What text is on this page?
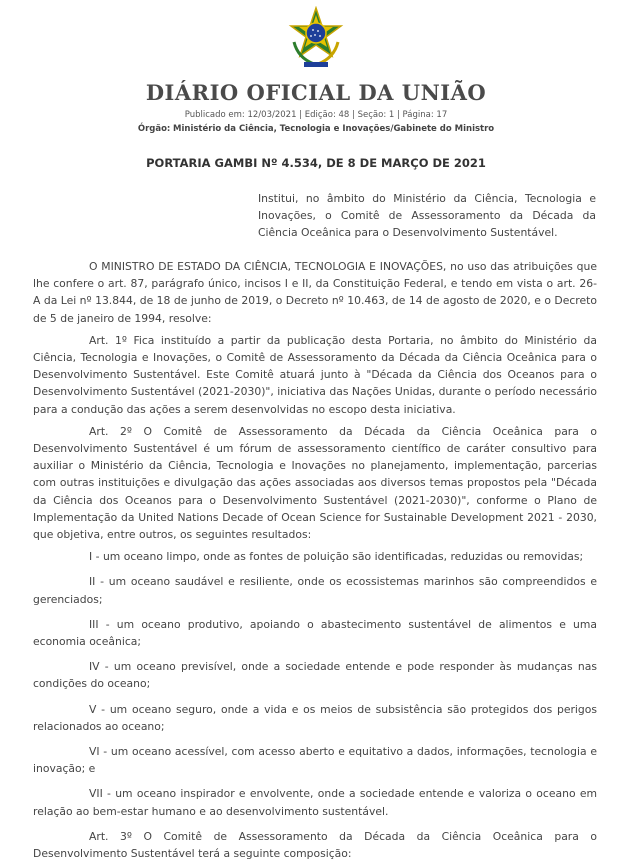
DIÁRIO OFICIAL DA UNIÃO
Publicado em: 12/03/2021 | Edição: 48 | Seção: 1 | Página: 17
Órgão: Ministério da Ciência, Tecnologia e Inovações/Gabinete do Ministro
PORTARIA GAMBI Nº 4.534, DE 8 DE MARÇO DE 2021
Institui, no âmbito do Ministério da Ciência, Tecnologia e Inovações, o Comitê de Assessoramento da Década da Ciência Oceânica para o Desenvolvimento Sustentável.

O MINISTRO DE ESTADO DA CIÊNCIA, TECNOLOGIA E INOVAÇÕES, no uso das atribuições que lhe confere o art. 87, parágrafo único, incisos I e II, da Constituição Federal, e tendo em vista o art. 26-A da Lei nº 13.844, de 18 de junho de 2019, o Decreto nº 10.463, de 14 de agosto de 2020, e o Decreto de 5 de janeiro de 1994, resolve:

Art. 1º Fica instituído a partir da publicação desta Portaria, no âmbito do Ministério da Ciência, Tecnologia e Inovações, o Comitê de Assessoramento da Década da Ciência Oceânica para o Desenvolvimento Sustentável. Este Comitê atuará junto à "Década da Ciência dos Oceanos para o Desenvolvimento Sustentável (2021-2030)", iniciativa das Nações Unidas, durante o período necessário para a condução das ações a serem desenvolvidas no escopo desta iniciativa.

Art. 2º O Comitê de Assessoramento da Década da Ciência Oceânica para o Desenvolvimento Sustentável é um fórum de assessoramento científico de caráter consultivo para auxiliar o Ministério da Ciência, Tecnologia e Inovações no planejamento, implementação, parcerias com outras instituições e divulgação das ações associadas aos diversos temas propostos pela "Década da Ciência dos Oceanos para o Desenvolvimento Sustentável (2021-2030)", conforme o Plano de Implementação da United Nations Decade of Ocean Science for Sustainable Development 2021 - 2030, que objetiva, entre outros, os seguintes resultados:

I - um oceano limpo, onde as fontes de poluição são identificadas, reduzidas ou removidas;

II - um oceano saudável e resiliente, onde os ecossistemas marinhos são compreendidos e gerenciados;

III - um oceano produtivo, apoiando o abastecimento sustentável de alimentos e uma economia oceânica;

IV - um oceano previsível, onde a sociedade entende e pode responder às mudanças nas condições do oceano;

V - um oceano seguro, onde a vida e os meios de subsistência são protegidos dos perigos relacionados ao oceano;

VI - um oceano acessível, com acesso aberto e equitativo a dados, informações, tecnologia e inovação; e

VII - um oceano inspirador e envolvente, onde a sociedade entende e valoriza o oceano em relação ao bem-estar humano e ao desenvolvimento sustentável.

Art. 3º O Comitê de Assessoramento da Década da Ciência Oceânica para o Desenvolvimento Sustentável terá a seguinte composição:
